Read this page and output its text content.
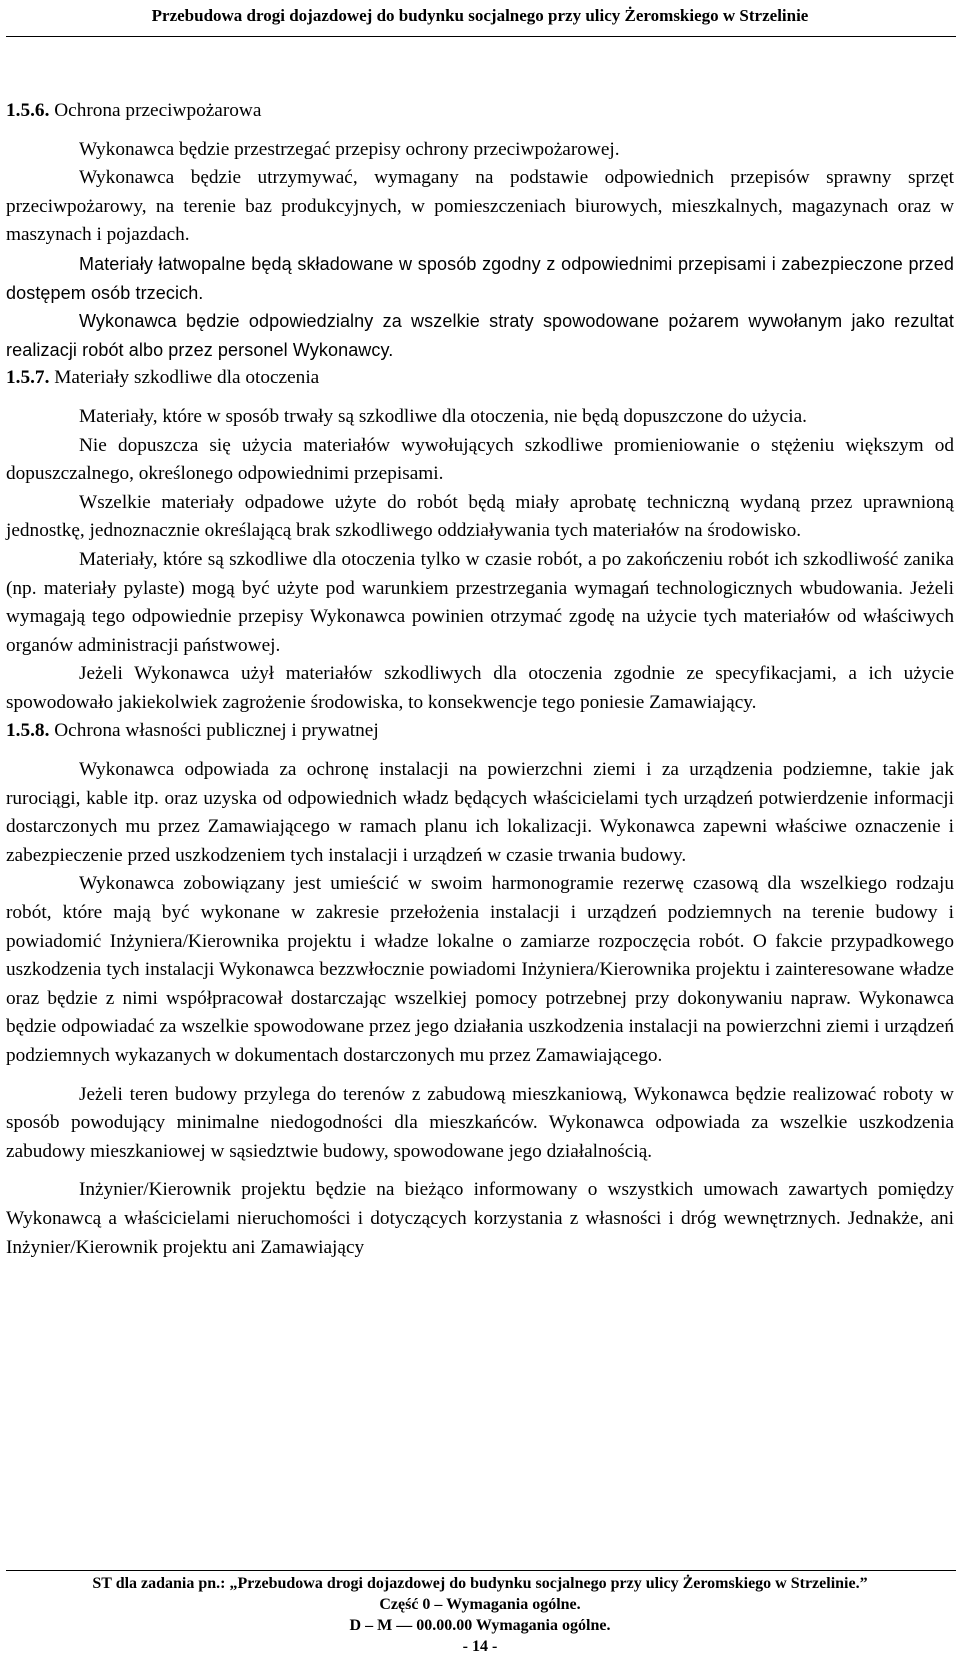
Przebudowa drogi dojazdowej do budynku socjalnego przy ulicy Żeromskiego w Strzelinie
1.5.6. Ochrona przeciwpożarowa

Wykonawca będzie przestrzegać przepisy ochrony przeciwpożarowej.

Wykonawca będzie utrzymywać, wymagany na podstawie odpowiednich przepisów sprawny sprzęt przeciwpożarowy, na terenie baz produkcyjnych, w pomieszczeniach biurowych, mieszkalnych, magazynach oraz w maszynach i pojazdach.

Materiały łatwopalne będą składowane w sposób zgodny z odpowiednimi przepisami i zabezpieczone przed dostępem osób trzecich.

Wykonawca będzie odpowiedzialny za wszelkie straty spowodowane pożarem wywołanym jako rezultat realizacji robót albo przez personel Wykonawcy.

1.5.7. Materiały szkodliwe dla otoczenia

Materiały, które w sposób trwały są szkodliwe dla otoczenia, nie będą dopuszczone do użycia.

Nie dopuszcza się użycia materiałów wywołujących szkodliwe promieniowanie o stężeniu większym od dopuszczalnego, określonego odpowiednimi przepisami.

Wszelkie materiały odpadowe użyte do robót będą miały aprobatę techniczną wydaną przez uprawnioną jednostkę, jednoznacznie określającą brak szkodliwego oddziaływania tych materiałów na środowisko.

Materiały, które są szkodliwe dla otoczenia tylko w czasie robót, a po zakończeniu robót ich szkodliwość zanika (np. materiały pylaste) mogą być użyte pod warunkiem przestrzegania wymagań technologicznych wbudowania. Jeżeli wymagają tego odpowiednie przepisy Wykonawca powinien otrzymać zgodę na użycie tych materiałów od właściwych organów administracji państwowej.

Jeżeli Wykonawca użył materiałów szkodliwych dla otoczenia zgodnie ze specyfikacjami, a ich użycie spowodowało jakiekolwiek zagrożenie środowiska, to konsekwencje tego poniesie Zamawiający.

1.5.8. Ochrona własności publicznej i prywatnej

Wykonawca odpowiada za ochronę instalacji na powierzchni ziemi i za urządzenia podziemne, takie jak rurociągi, kable itp. oraz uzyska od odpowiednich władz będących właścicielami tych urządzeń potwierdzenie informacji dostarczonych mu przez Zamawiającego w ramach planu ich lokalizacji. Wykonawca zapewni właściwe oznaczenie i zabezpieczenie przed uszkodzeniem tych instalacji i urządzeń w czasie trwania budowy.

Wykonawca zobowiązany jest umieścić w swoim harmonogramie rezerwę czasową dla wszelkiego rodzaju robót, które mają być wykonane w zakresie przełożenia instalacji i urządzeń podziemnych na terenie budowy i powiadomić Inżyniera/Kierownika projektu i władze lokalne o zamiarze rozpoczęcia robót. O fakcie przypadkowego uszkodzenia tych instalacji Wykonawca bezzwłocznie powiadomi Inżyniera/Kierownika projektu i zainteresowane władze oraz będzie z nimi współpracował dostarczając wszelkiej pomocy potrzebnej przy dokonywaniu napraw. Wykonawca będzie odpowiadać za wszelkie spowodowane przez jego działania uszkodzenia instalacji na powierzchni ziemi i urządzeń podziemnych wykazanych w dokumentach dostarczonych mu przez Zamawiającego.

Jeżeli teren budowy przylega do terenów z zabudową mieszkaniową, Wykonawca będzie realizować roboty w sposób powodujący minimalne niedogodności dla mieszkańców. Wykonawca odpowiada za wszelkie uszkodzenia zabudowy mieszkaniowej w sąsiedztwie budowy, spowodowane jego działalnością.

Inżynier/Kierownik projektu będzie na bieżąco informowany o wszystkich umowach zawartych pomiędzy Wykonawcą a właścicielami nieruchomości i dotyczących korzystania z własności i dróg wewnętrznych. Jednakże, ani Inżynier/Kierownik projektu ani Zamawiający

ST dla zadania pn.: „Przebudowa drogi dojazdowej do budynku socjalnego przy ulicy Żeromskiego w Strzelinie.”
Część 0 – Wymagania ogólne.
D – M — 00.00.00 Wymagania ogólne.
- 14 -
